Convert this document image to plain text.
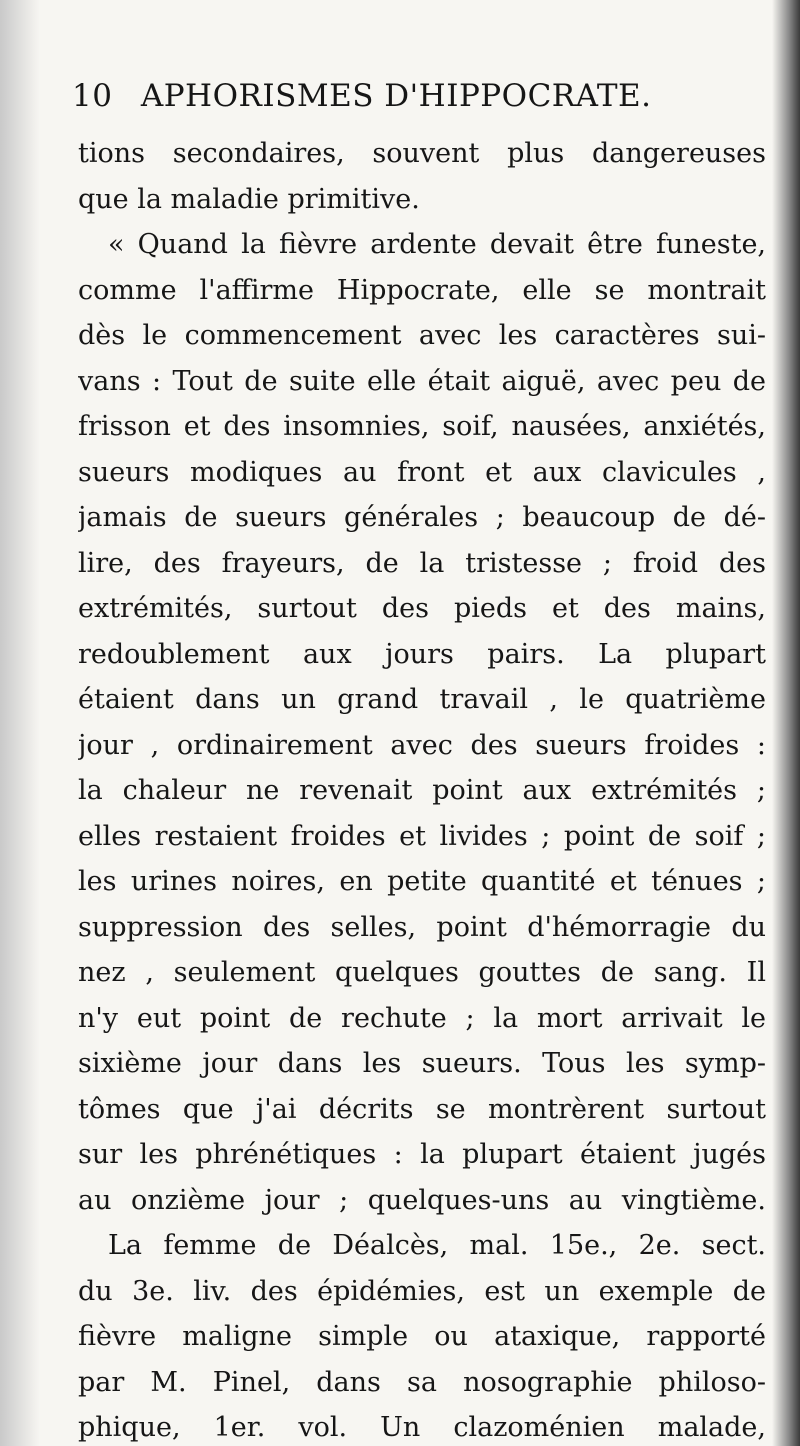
10 APHORISMES D'HIPPOCRATE.
tions secondaires, souvent plus dangereuses
que la maladie primitive.
« Quand la fièvre ardente devait être funeste,
comme l'affirme Hippocrate, elle se montrait
dès le commencement avec les caractères sui-
vans : Tout de suite elle était aiguë, avec peu de
frisson et des insomnies, soif, nausées, anxiétés,
sueurs modiques au front et aux clavicules ,
jamais de sueurs générales ; beaucoup de dé-
lire, des frayeurs, de la tristesse ; froid des
extrémités, surtout des pieds et des mains,
redoublement aux jours pairs. La plupart
étaient dans un grand travail , le quatrième
jour , ordinairement avec des sueurs froides :
la chaleur ne revenait point aux extrémités ;
elles restaient froides et livides ; point de soif ;
les urines noires, en petite quantité et ténues ;
suppression des selles, point d'hémorragie du
nez , seulement quelques gouttes de sang. Il
n'y eut point de rechute ; la mort arrivait le
sixième jour dans les sueurs. Tous les symp-
tômes que j'ai décrits se montrèrent surtout
sur les phrénétiques : la plupart étaient jugés
au onzième jour ; quelques-uns au vingtième.
La femme de Déalcès, mal. 15e., 2e. sect.
du 3e. liv. des épidémies, est un exemple de
fièvre maligne simple ou ataxique, rapporté
par M. Pinel, dans sa nosographie philoso-
phique, 1er. vol. Un clazoménien malade,
